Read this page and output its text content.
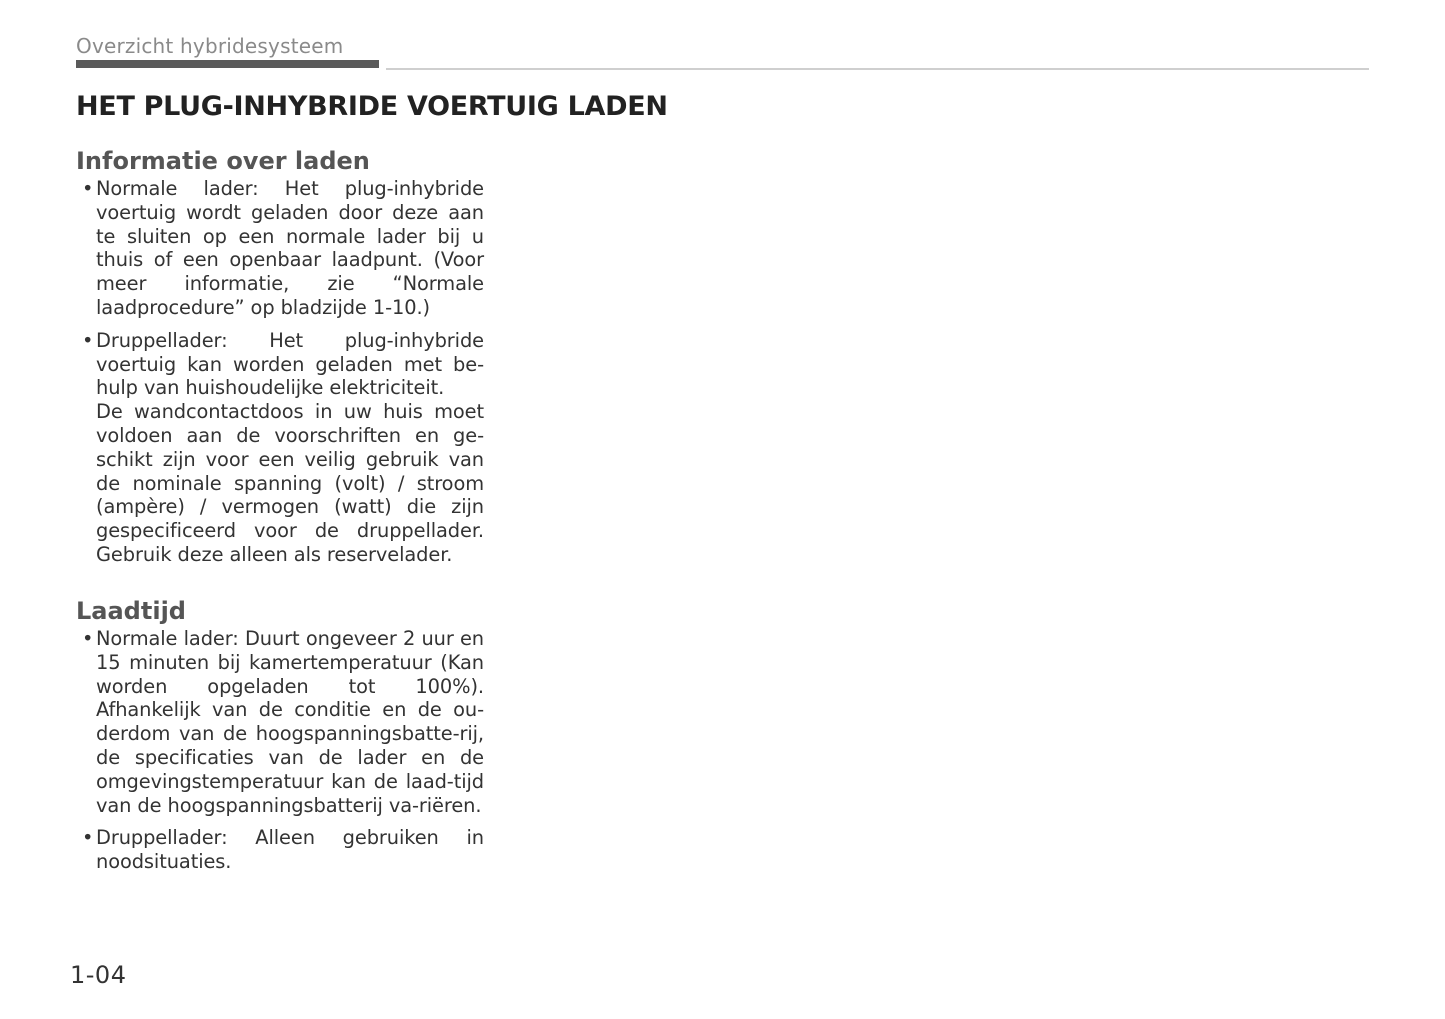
Overzicht hybridesysteem
HET PLUG-INHYBRIDE VOERTUIG LADEN
Informatie over laden
• Normale lader: Het plug-inhybride voertuig wordt geladen door deze aan te sluiten op een normale lader bij u thuis of een openbaar laadpunt. (Voor meer informatie, zie “Normale laadprocedure” op bladzijde 1-10.)
• Druppellader: Het plug-inhybride voertuig kan worden geladen met be-hulp van huishoudelijke elektriciteit.
De wandcontactdoos in uw huis moet voldoen aan de voorschriften en ge-schikt zijn voor een veilig gebruik van de nominale spanning (volt) / stroom (ampère) / vermogen (watt) die zijn gespecificeerd voor de druppellader. Gebruik deze alleen als reservelader.
Laadtijd
• Normale lader: Duurt ongeveer 2 uur en 15 minuten bij kamertemperatuur (Kan worden opgeladen tot 100%). Afhankelijk van de conditie en de ou-derdom van de hoogspanningsbatte-rij, de specificaties van de lader en de omgevingstemperatuur kan de laad-tijd van de hoogspanningsbatterij va-riëren.
• Druppellader: Alleen gebruiken in noodsituaties.
1-04
